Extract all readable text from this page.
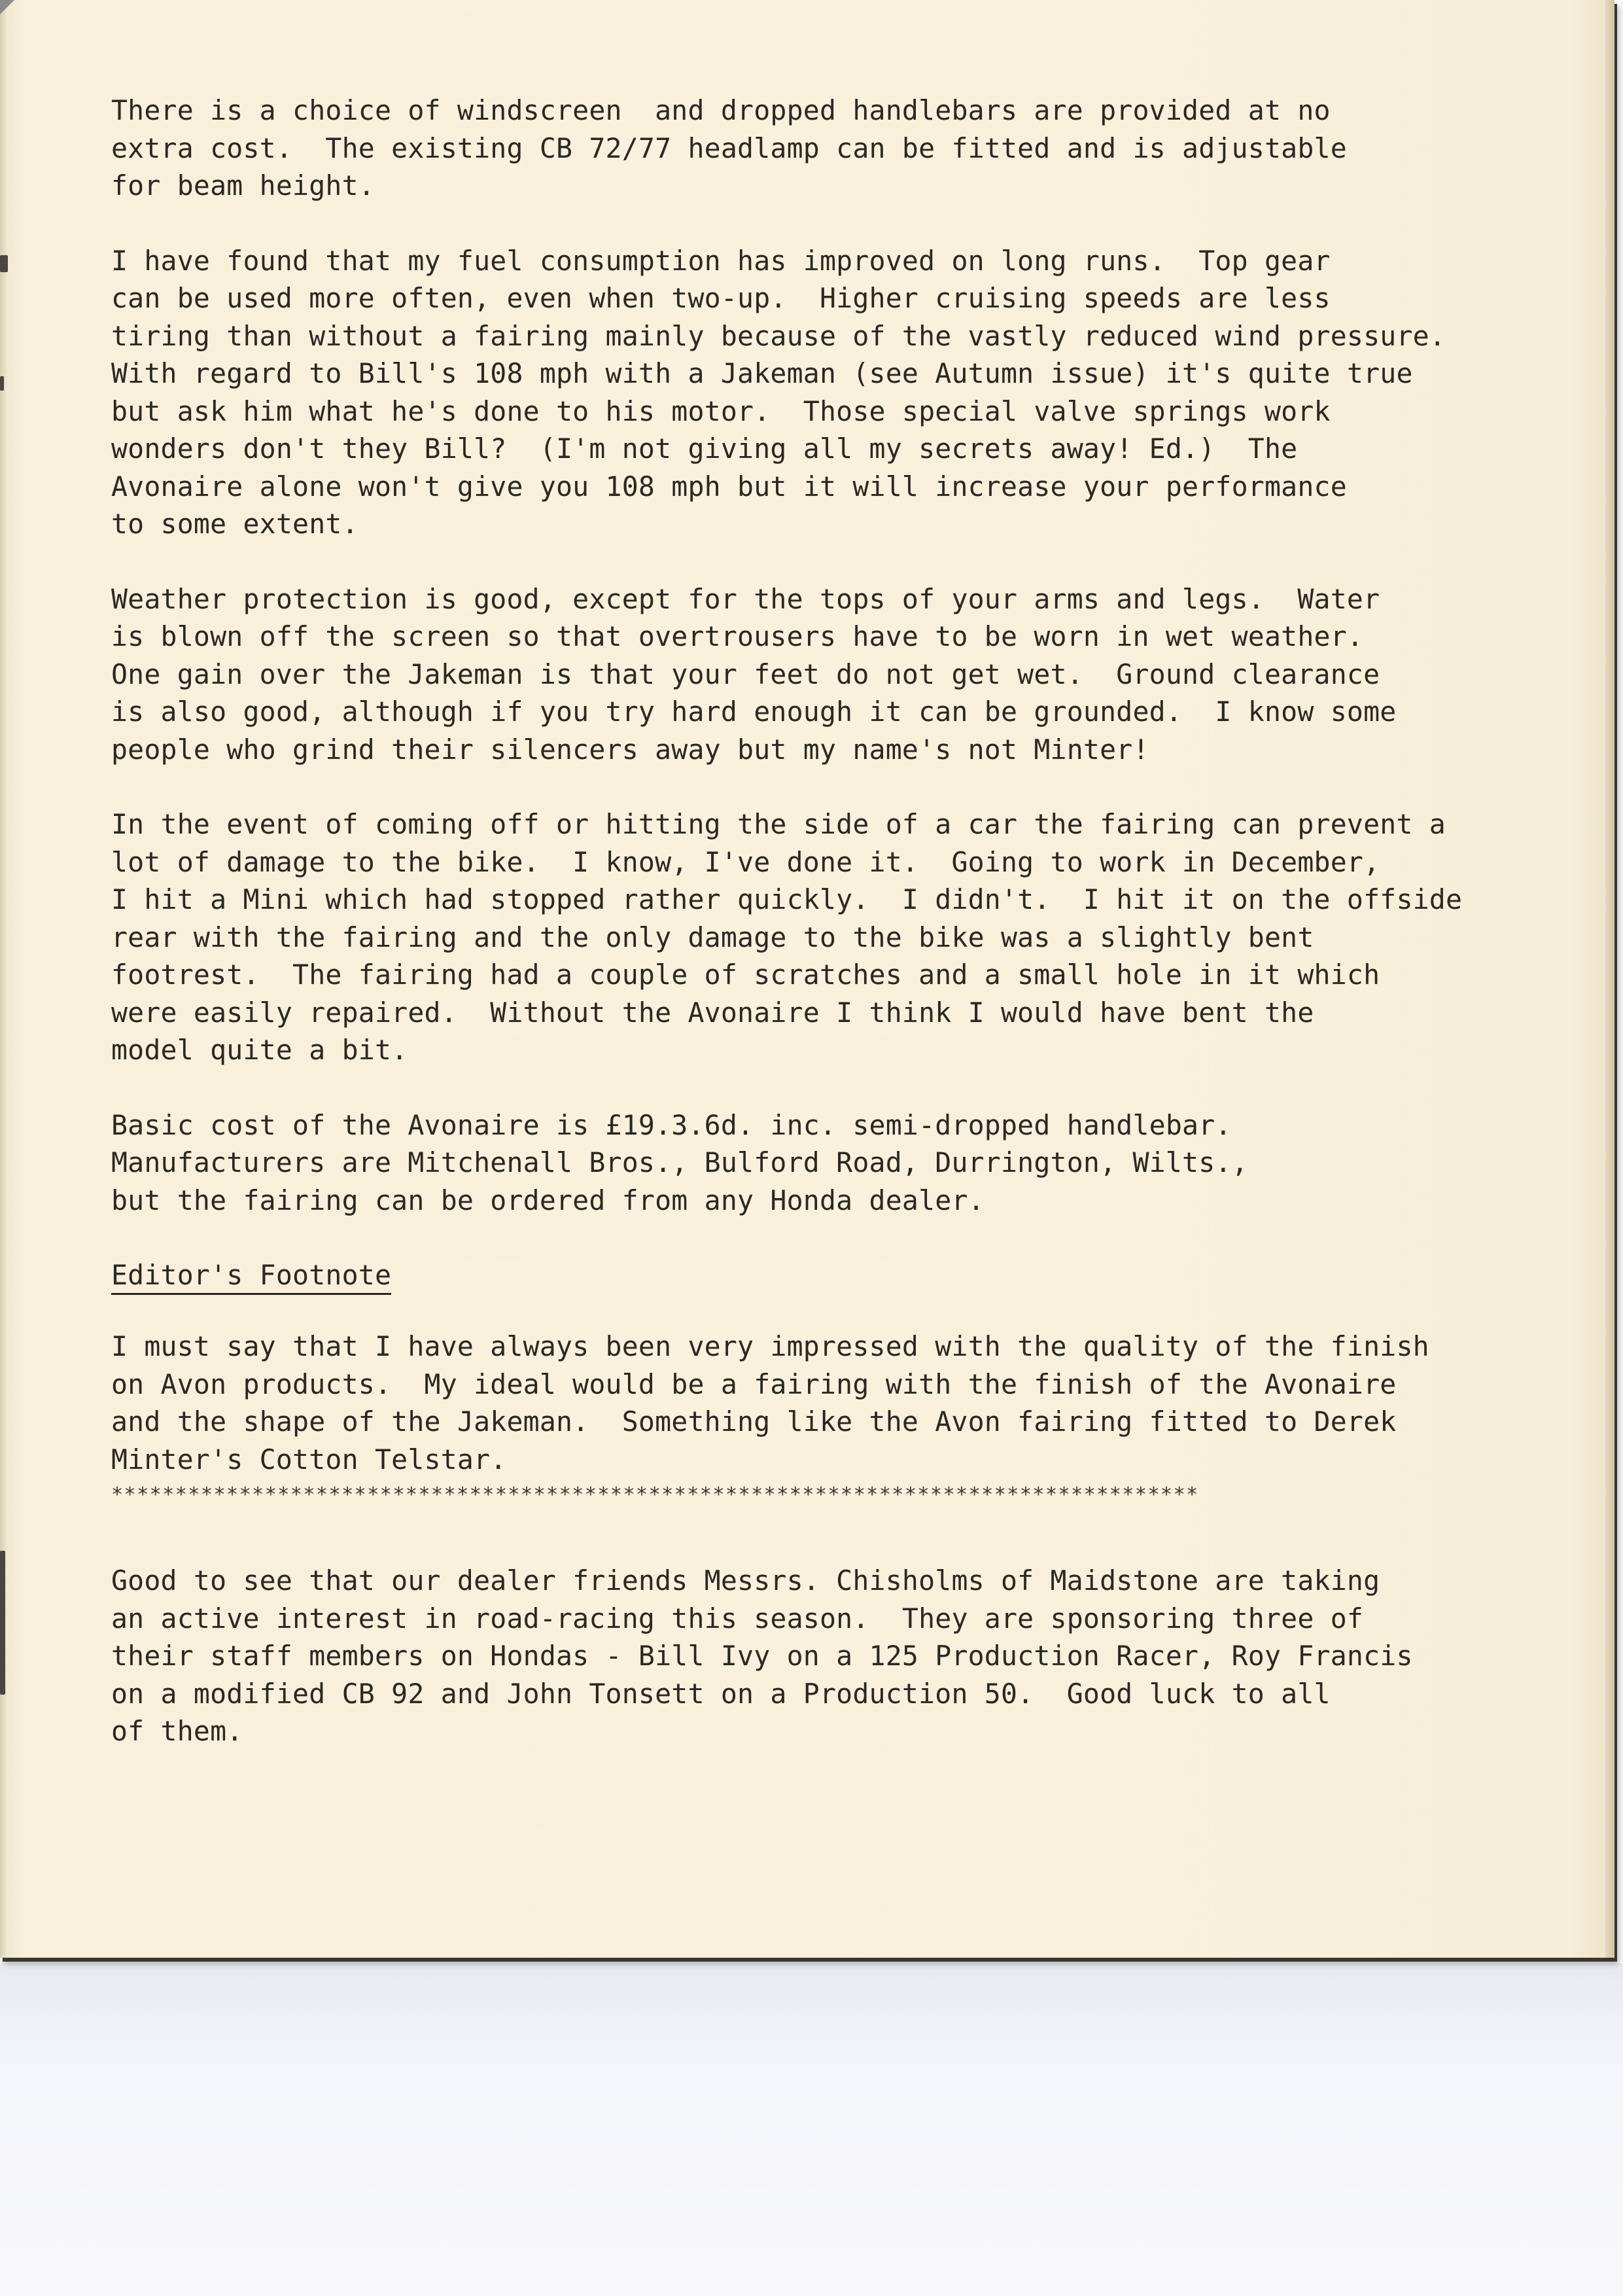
There is a choice of windscreen  and dropped handlebars are provided at no
extra cost.  The existing CB 72/77 headlamp can be fitted and is adjustable
for beam height.
I have found that my fuel consumption has improved on long runs.  Top gear
can be used more often, even when two-up.  Higher cruising speeds are less
tiring than without a fairing mainly because of the vastly reduced wind pressure.
With regard to Bill's 108 mph with a Jakeman (see Autumn issue) it's quite true
but ask him what he's done to his motor.  Those special valve springs work
wonders don't they Bill?  (I'm not giving all my secrets away! Ed.)  The
Avonaire alone won't give you 108 mph but it will increase your performance
to some extent.
Weather protection is good, except for the tops of your arms and legs.  Water
is blown off the screen so that overtrousers have to be worn in wet weather.
One gain over the Jakeman is that your feet do not get wet.  Ground clearance
is also good, although if you try hard enough it can be grounded.  I know some
people who grind their silencers away but my name's not Minter!
In the event of coming off or hitting the side of a car the fairing can prevent a
lot of damage to the bike.  I know, I've done it.  Going to work in December,
I hit a Mini which had stopped rather quickly.  I didn't.  I hit it on the offside
rear with the fairing and the only damage to the bike was a slightly bent
footrest.  The fairing had a couple of scratches and a small hole in it which
were easily repaired.  Without the Avonaire I think I would have bent the
model quite a bit.
Basic cost of the Avonaire is £19.3.6d. inc. semi-dropped handlebar.
Manufacturers are Mitchenall Bros., Bulford Road, Durrington, Wilts.,
but the fairing can be ordered from any Honda dealer.
Editor's Footnote
I must say that I have always been very impressed with the quality of the finish
on Avon products.  My ideal would be a fairing with the finish of the Avonaire
and the shape of the Jakeman.  Something like the Avon fairing fitted to Derek
Minter's Cotton Telstar.
*************************************************************************************
Good to see that our dealer friends Messrs. Chisholms of Maidstone are taking
an active interest in road-racing this season.  They are sponsoring three of
their staff members on Hondas - Bill Ivy on a 125 Production Racer, Roy Francis
on a modified CB 92 and John Tonsett on a Production 50.  Good luck to all
of them.
